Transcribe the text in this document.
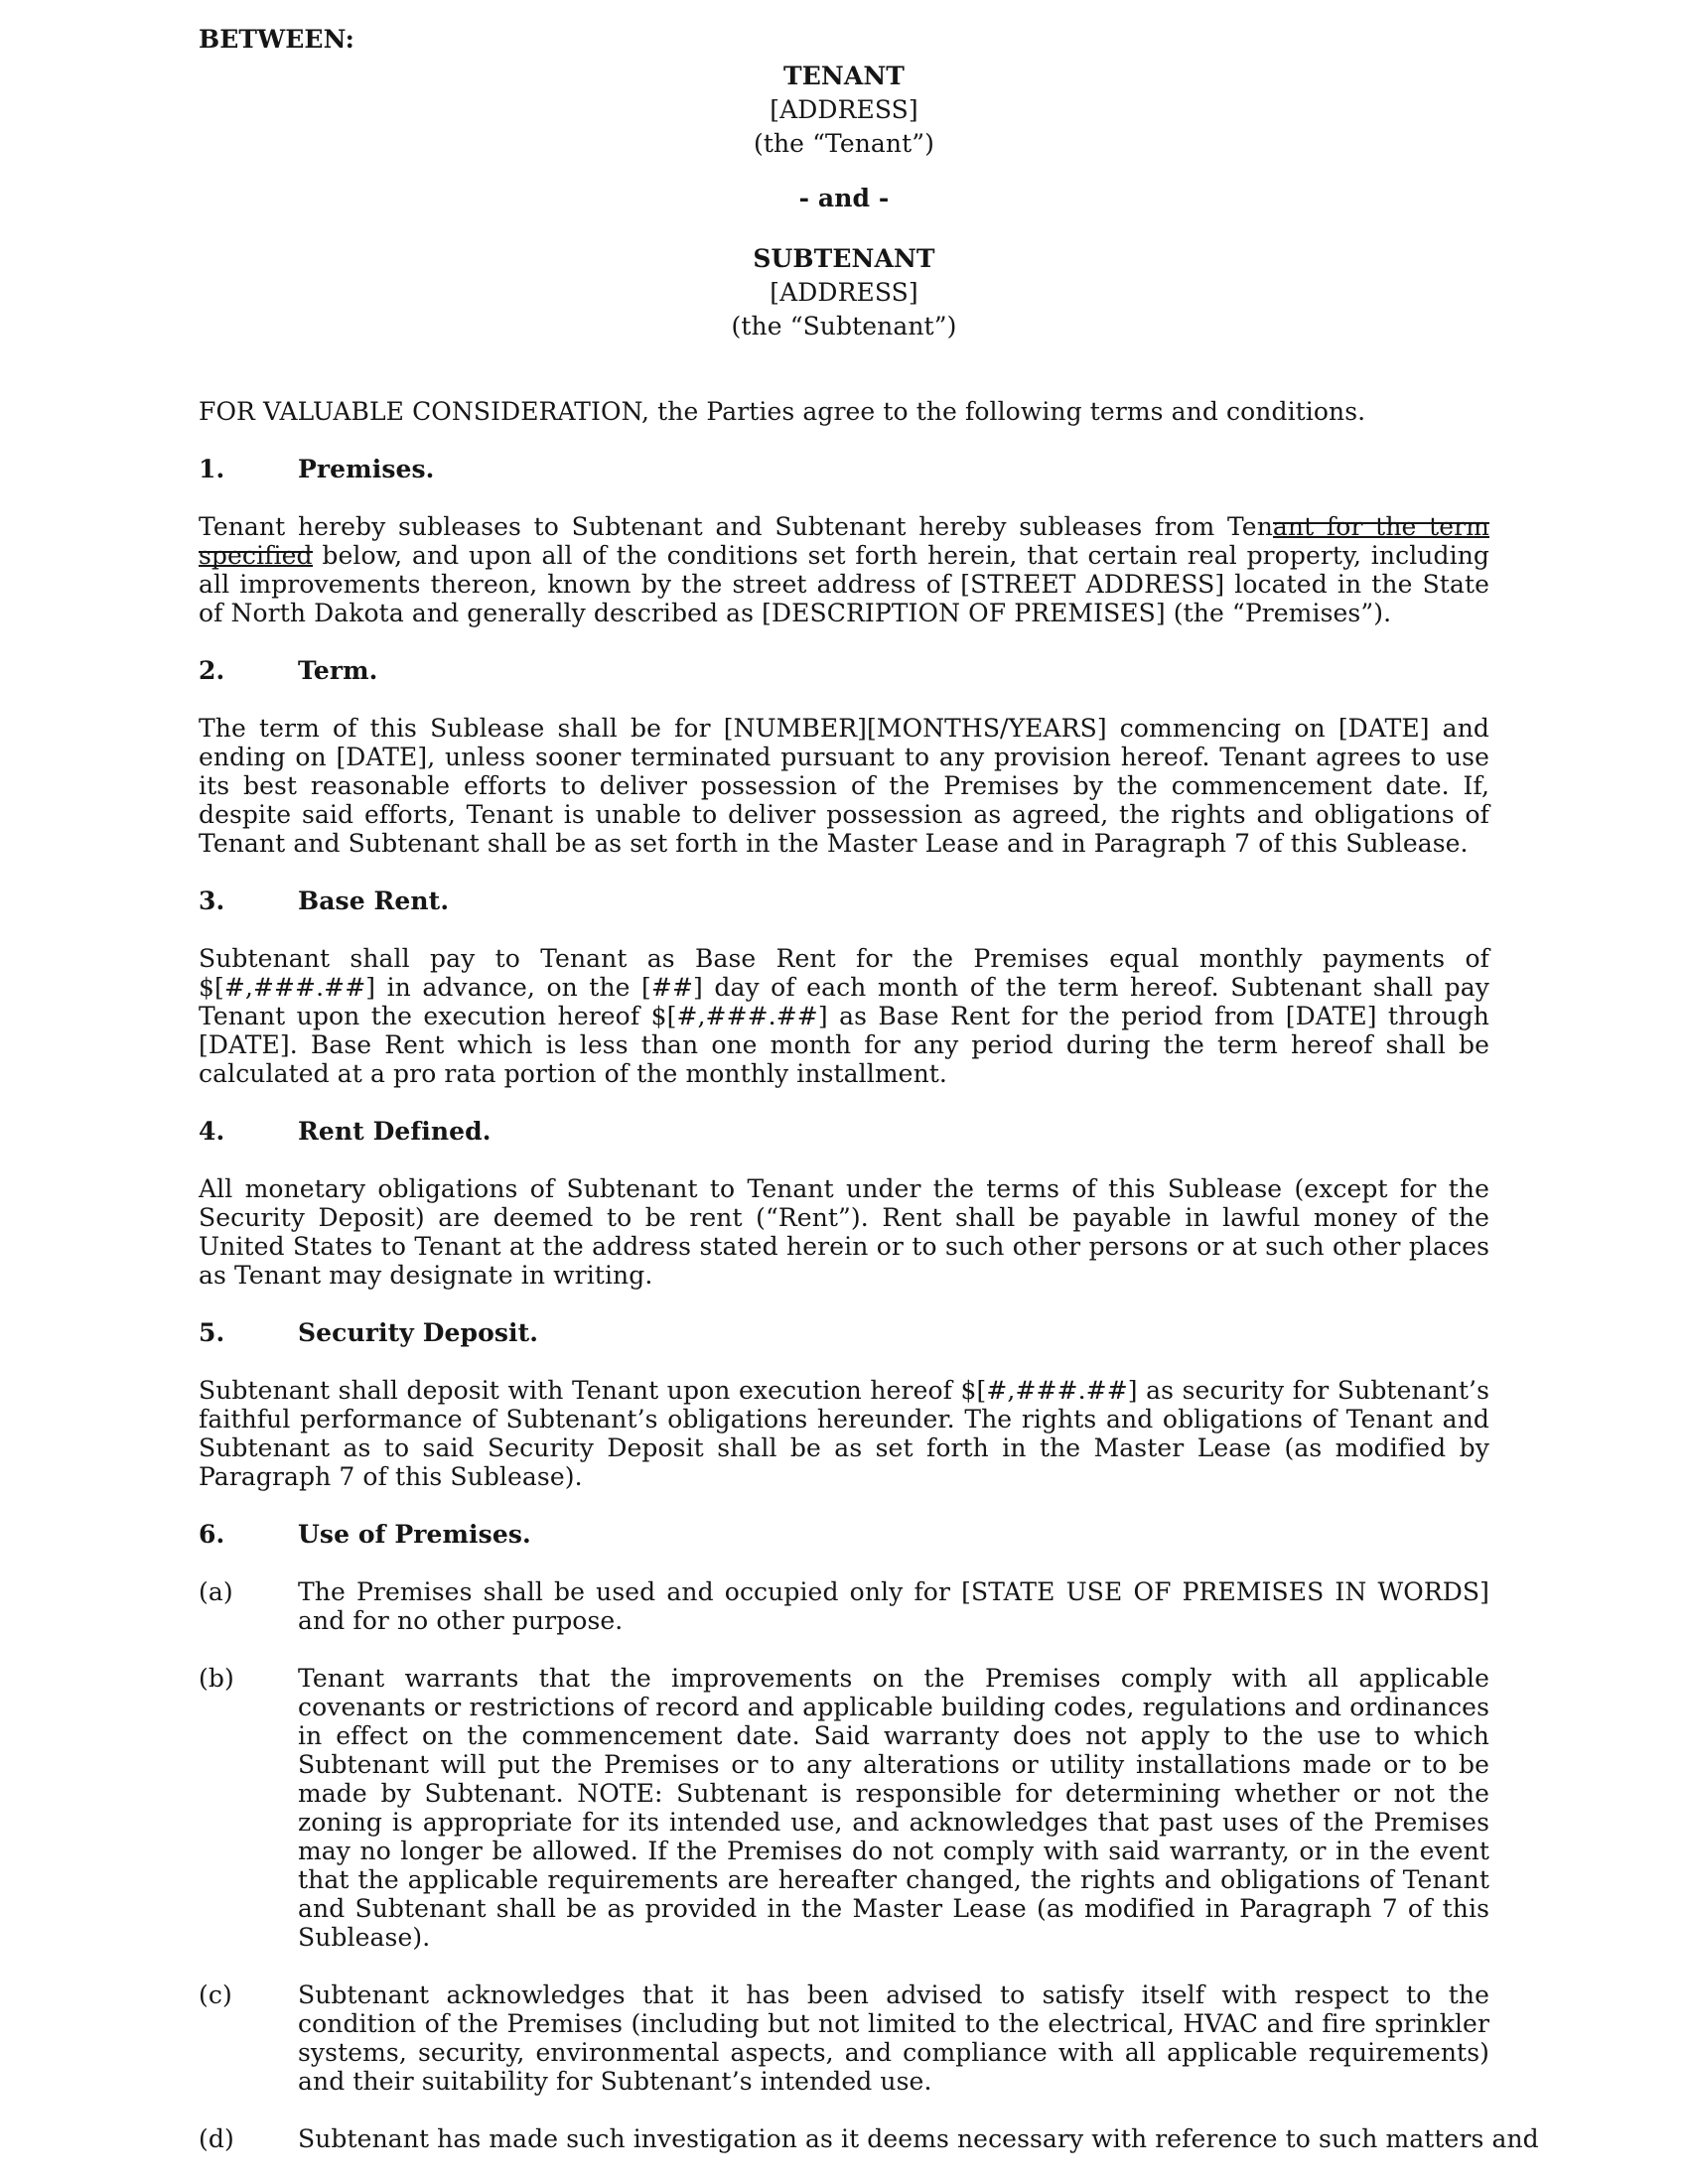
BETWEEN:
TENANT
[ADDRESS]
(the “Tenant”)
- and -
SUBTENANT
[ADDRESS]
(the “Subtenant”)

FOR VALUABLE CONSIDERATION, the Parties agree to the following terms and conditions.

1.	Premises.

Tenant hereby subleases to Subtenant and Subtenant hereby subleases from Tenant for the term specified below, and upon all of the conditions set forth herein, that certain real property, including all improvements thereon, known by the street address of [STREET ADDRESS] located in the State of North Dakota and generally described as [DESCRIPTION OF PREMISES] (the “Premises”).

2.	Term.

The term of this Sublease shall be for [NUMBER][MONTHS/YEARS] commencing on [DATE] and ending on [DATE], unless sooner terminated pursuant to any provision hereof. Tenant agrees to use its best reasonable efforts to deliver possession of the Premises by the commencement date. If, despite said efforts, Tenant is unable to deliver possession as agreed, the rights and obligations of Tenant and Subtenant shall be as set forth in the Master Lease and in Paragraph 7 of this Sublease.

3.	Base Rent.

Subtenant shall pay to Tenant as Base Rent for the Premises equal monthly payments of $[#,###.##] in advance, on the [##] day of each month of the term hereof. Subtenant shall pay Tenant upon the execution hereof $[#,###.##] as Base Rent for the period from [DATE] through [DATE]. Base Rent which is less than one month for any period during the term hereof shall be calculated at a pro rata portion of the monthly installment.

4.	Rent Defined.

All monetary obligations of Subtenant to Tenant under the terms of this Sublease (except for the Security Deposit) are deemed to be rent (“Rent”). Rent shall be payable in lawful money of the United States to Tenant at the address stated herein or to such other persons or at such other places as Tenant may designate in writing.

5.	Security Deposit.

Subtenant shall deposit with Tenant upon execution hereof $[#,###.##] as security for Subtenant’s faithful performance of Subtenant’s obligations hereunder. The rights and obligations of Tenant and Subtenant as to said Security Deposit shall be as set forth in the Master Lease (as modified by Paragraph 7 of this Sublease).

6.	Use of Premises.
(a)	The Premises shall be used and occupied only for [STATE USE OF PREMISES IN WORDS] and for no other purpose.
(b)	Tenant warrants that the improvements on the Premises comply with all applicable covenants or restrictions of record and applicable building codes, regulations and ordinances in effect on the commencement date. Said warranty does not apply to the use to which Subtenant will put the Premises or to any alterations or utility installations made or to be made by Subtenant. NOTE: Subtenant is responsible for determining whether or not the zoning is appropriate for its intended use, and acknowledges that past uses of the Premises may no longer be allowed. If the Premises do not comply with said warranty, or in the event that the applicable requirements are hereafter changed, the rights and obligations of Tenant and Subtenant shall be as provided in the Master Lease (as modified in Paragraph 7 of this Sublease).
(c)	Subtenant acknowledges that it has been advised to satisfy itself with respect to the condition of the Premises (including but not limited to the electrical, HVAC and fire sprinkler systems, security, environmental aspects, and compliance with all applicable requirements) and their suitability for Subtenant’s intended use.
(d)	Subtenant has made such investigation as it deems necessary with reference to such matters and
